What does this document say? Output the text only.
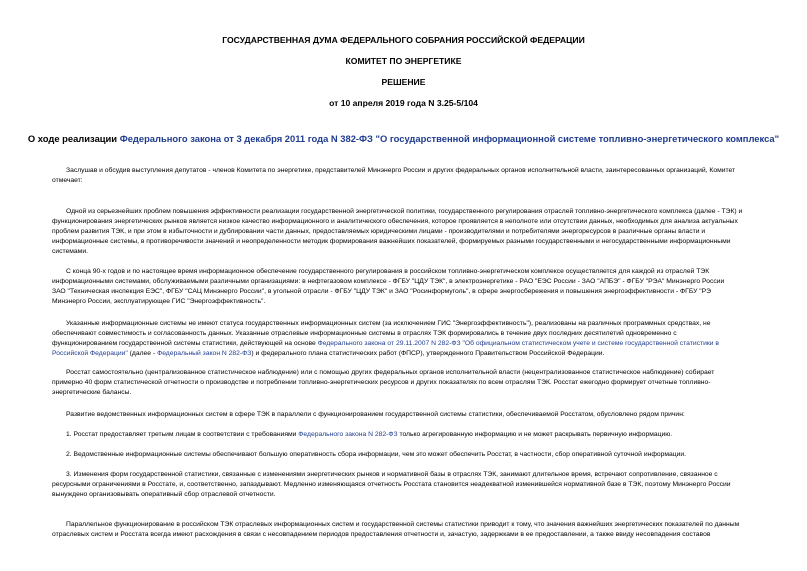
ГОСУДАРСТВЕННАЯ ДУМА ФЕДЕРАЛЬНОГО СОБРАНИЯ РОССИЙСКОЙ ФЕДЕРАЦИИ
КОМИТЕТ ПО ЭНЕРГЕТИКЕ
РЕШЕНИЕ
от 10 апреля 2019 года N 3.25-5/104
О ходе реализации Федерального закона от 3 декабря 2011 года N 382-ФЗ "О государственной информационной системе топливно-энергетического комплекса"
Заслушав и обсудив выступления депутатов - членов Комитета по энергетике, представителей Минэнерго России и других федеральных органов исполнительной власти, заинтересованных организаций, Комитет
отмечает:
Одной из серьезнейших проблем повышения эффективности реализации государственной энергетической политики, государственного регулирования отраслей топливно-энергетического комплекса (далее - ТЭК) и
функционирования энергетических рынков является низкое качество информационного и аналитического обеспечения, которое проявляется в неполноте или отсутствии данных, необходимых для анализа актуальных
проблем развития ТЭК, и при этом в избыточности и дублировании части данных, предоставляемых юридическими лицами - производителями и потребителями энергоресурсов в различные органы власти и
информационные системы, в противоречивости значений и неопределенности методик формирования важнейших показателей, формируемых разными государственными и негосударственными информационными
системами.
С конца 90-х годов и по настоящее время информационное обеспечение государственного регулирования в российском топливно-энергетическом комплексе осуществляется для каждой из отраслей ТЭК
информационными системами, обслуживаемыми различными организациями: в нефтегазовом комплексе - ФГБУ "ЦДУ ТЭК", в электроэнергетике - РАО "ЕЭС России - ЗАО "АПБЭ" - ФГБУ "РЭА" Минэнерго России
ЗАО "Техническая инспекция ЕЭС", ФГБУ "САЦ Минэнерго России", в угольной отрасли - ФГБУ "ЦДУ ТЭК" и ЗАО "Росинформуголь", в сфере энергосбережения и повышения энергоэффективности - ФГБУ "РЭ
Минэнерго России, эксплуатирующее ГИС "Энергоэффективность".
Указанные информационные системы не имеют статуса государственных информационных систем (за исключением ГИС "Энергоэффективность"), реализованы на различных программных средствах, не
обеспечивают совместимость и согласованность данных. Указанные отраслевые информационные системы в отраслях ТЭК формировались в течение двух последних десятилетий одновременно с
функционированием государственной системы статистики, действующей на основе Федерального закона от 29.11.2007 N 282-ФЗ "Об официальном статистическом учете и системе государственной статистики в
Российской Федерации" (далее - Федеральный закон N 282-ФЗ) и федерального плана статистических работ (ФПСР), утвержденного Правительством Российской Федерации.
Росстат самостоятельно (централизованное статистическое наблюдение) или с помощью других федеральных органов исполнительной власти (нецентрализованное статистическое наблюдение) собирает
примерно 40 форм статистической отчетности о производстве и потреблении топливно-энергетических ресурсов и других показателях по всем отраслям ТЭК. Росстат ежегодно формирует отчетные топливно-
энергетические балансы.
Развитие ведомственных информационных систем в сфере ТЭК в параллели с функционированием государственной системы статистики, обеспечиваемой Росстатом, обусловлено рядом причин:
1. Росстат предоставляет третьим лицам в соответствии с требованиями Федерального закона N 282-ФЗ только агрегированную информацию и не может раскрывать первичную информацию.
2. Ведомственные информационные системы обеспечивают большую оперативность сбора информации, чем это может обеспечить Росстат, в частности, сбор оперативной суточной информации.
3. Изменения форм государственной статистики, связанные с изменениями энергетических рынков и нормативной базы в отраслях ТЭК, занимают длительное время, встречают сопротивление, связанное с
ресурсными ограничениями в Росстате, и, соответственно, запаздывают. Медленно изменяющаяся отчетность Росстата становится неадекватной изменившейся нормативной базе в ТЭК, поэтому Минэнерго России
вынуждено организовывать оперативный сбор отраслевой отчетности.
Параллельное функционирование в российском ТЭК отраслевых информационных систем и государственной системы статистики приводит к тому, что значения важнейших энергетических показателей по данным
отраслевых систем и Росстата всегда имеют расхождения в связи с несовпадением периодов предоставления отчетности и, зачастую, задержками в ее предоставлении, а также ввиду несовпадения составов
